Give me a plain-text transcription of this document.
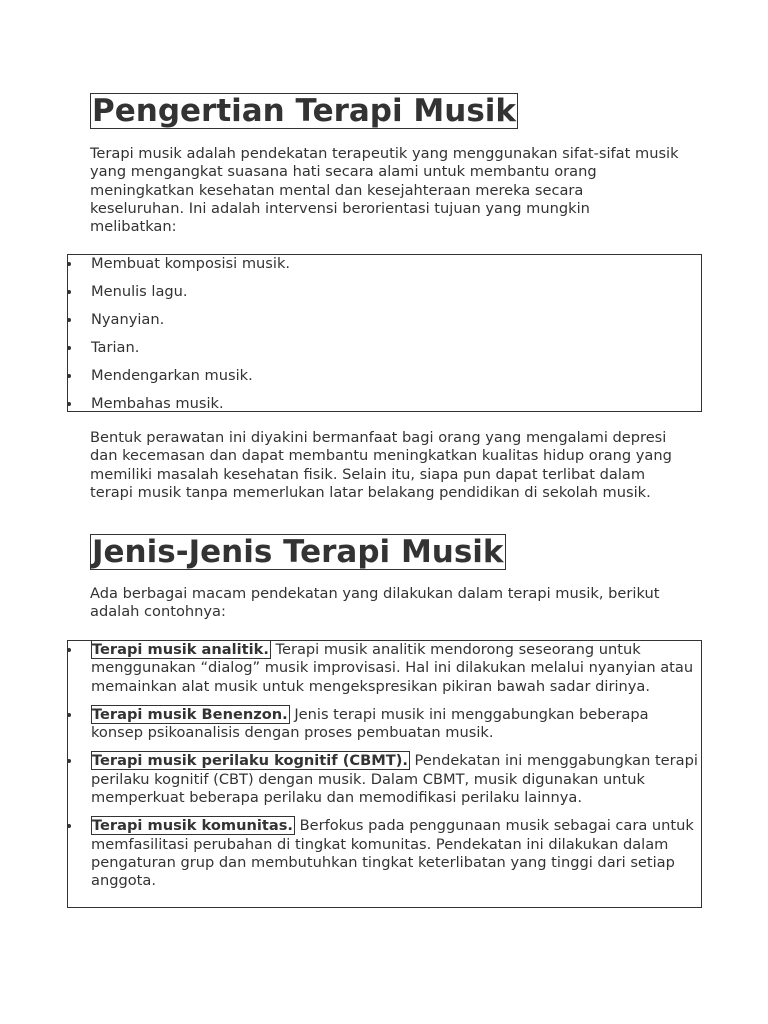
Pengertian Terapi Musik

Terapi musik adalah pendekatan terapeutik yang menggunakan sifat-sifat musik yang mengangkat suasana hati secara alami untuk membantu orang meningkatkan kesehatan mental dan kesejahteraan mereka secara keseluruhan. Ini adalah intervensi berorientasi tujuan yang mungkin melibatkan:

Membuat komposisi musik.
Menulis lagu.
Nyanyian.
Tarian.
Mendengarkan musik.
Membahas musik.

Bentuk perawatan ini diyakini bermanfaat bagi orang yang mengalami depresi dan kecemasan dan dapat membantu meningkatkan kualitas hidup orang yang memiliki masalah kesehatan fisik. Selain itu, siapa pun dapat terlibat dalam terapi musik tanpa memerlukan latar belakang pendidikan di sekolah musik.

Jenis-Jenis Terapi Musik

Ada berbagai macam pendekatan yang dilakukan dalam terapi musik, berikut adalah contohnya:

Terapi musik analitik. Terapi musik analitik mendorong seseorang untuk menggunakan “dialog” musik improvisasi. Hal ini dilakukan melalui nyanyian atau memainkan alat musik untuk mengekspresikan pikiran bawah sadar dirinya.
Terapi musik Benenzon. Jenis terapi musik ini menggabungkan beberapa konsep psikoanalisis dengan proses pembuatan musik.
Terapi musik perilaku kognitif (CBMT). Pendekatan ini menggabungkan terapi perilaku kognitif (CBT) dengan musik. Dalam CBMT, musik digunakan untuk memperkuat beberapa perilaku dan memodifikasi perilaku lainnya.
Terapi musik komunitas. Berfokus pada penggunaan musik sebagai cara untuk memfasilitasi perubahan di tingkat komunitas. Pendekatan ini dilakukan dalam pengaturan grup dan membutuhkan tingkat keterlibatan yang tinggi dari setiap anggota.
